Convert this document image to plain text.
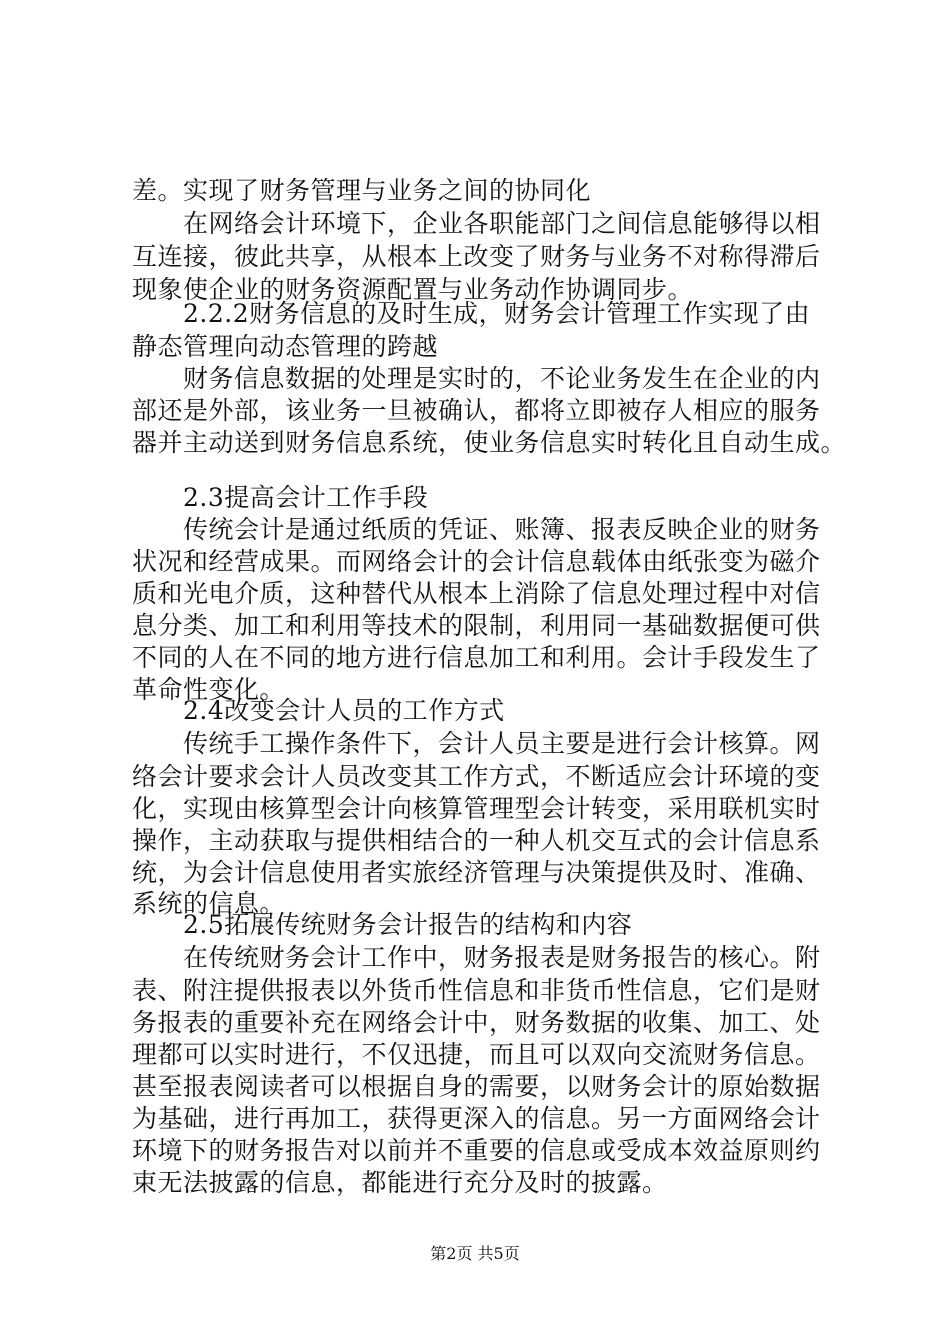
差。实现了财务管理与业务之间的协同化
　　在网络会计环境下，企业各职能部门之间信息能够得以相
互连接，彼此共享，从根本上改变了财务与业务不对称得滞后
现象使企业的财务资源配置与业务动作协调同步。
　　2.2.2财务信息的及时生成，财务会计管理工作实现了由
静态管理向动态管理的跨越
　　财务信息数据的处理是实时的，不论业务发生在企业的内
部还是外部，该业务一旦被确认，都将立即被存人相应的服务
器并主动送到财务信息系统，使业务信息实时转化且自动生成。
　　2.3提高会计工作手段
　　传统会计是通过纸质的凭证、账簿、报表反映企业的财务
状况和经营成果。而网络会计的会计信息载体由纸张变为磁介
质和光电介质，这种替代从根本上消除了信息处理过程中对信
息分类、加工和利用等技术的限制，利用同一基础数据便可供
不同的人在不同的地方进行信息加工和利用。会计手段发生了
革命性变化。
　　2.4改变会计人员的工作方式
　　传统手工操作条件下，会计人员主要是进行会计核算。网
络会计要求会计人员改变其工作方式，不断适应会计环境的变
化，实现由核算型会计向核算管理型会计转变，采用联机实时
操作，主动获取与提供相结合的一种人机交互式的会计信息系
统，为会计信息使用者实旅经济管理与决策提供及时、准确、
系统的信息。
　　2.5拓展传统财务会计报告的结构和内容
　　在传统财务会计工作中，财务报表是财务报告的核心。附
表、附注提供报表以外货币性信息和非货币性信息，它们是财
务报表的重要补充在网络会计中，财务数据的收集、加工、处
理都可以实时进行，不仅迅捷，而且可以双向交流财务信息。
甚至报表阅读者可以根据自身的需要，以财务会计的原始数据
为基础，进行再加工，获得更深入的信息。另一方面网络会计
环境下的财务报告对以前并不重要的信息或受成本效益原则约
束无法披露的信息，都能进行充分及时的披露。
第2页 共5页
